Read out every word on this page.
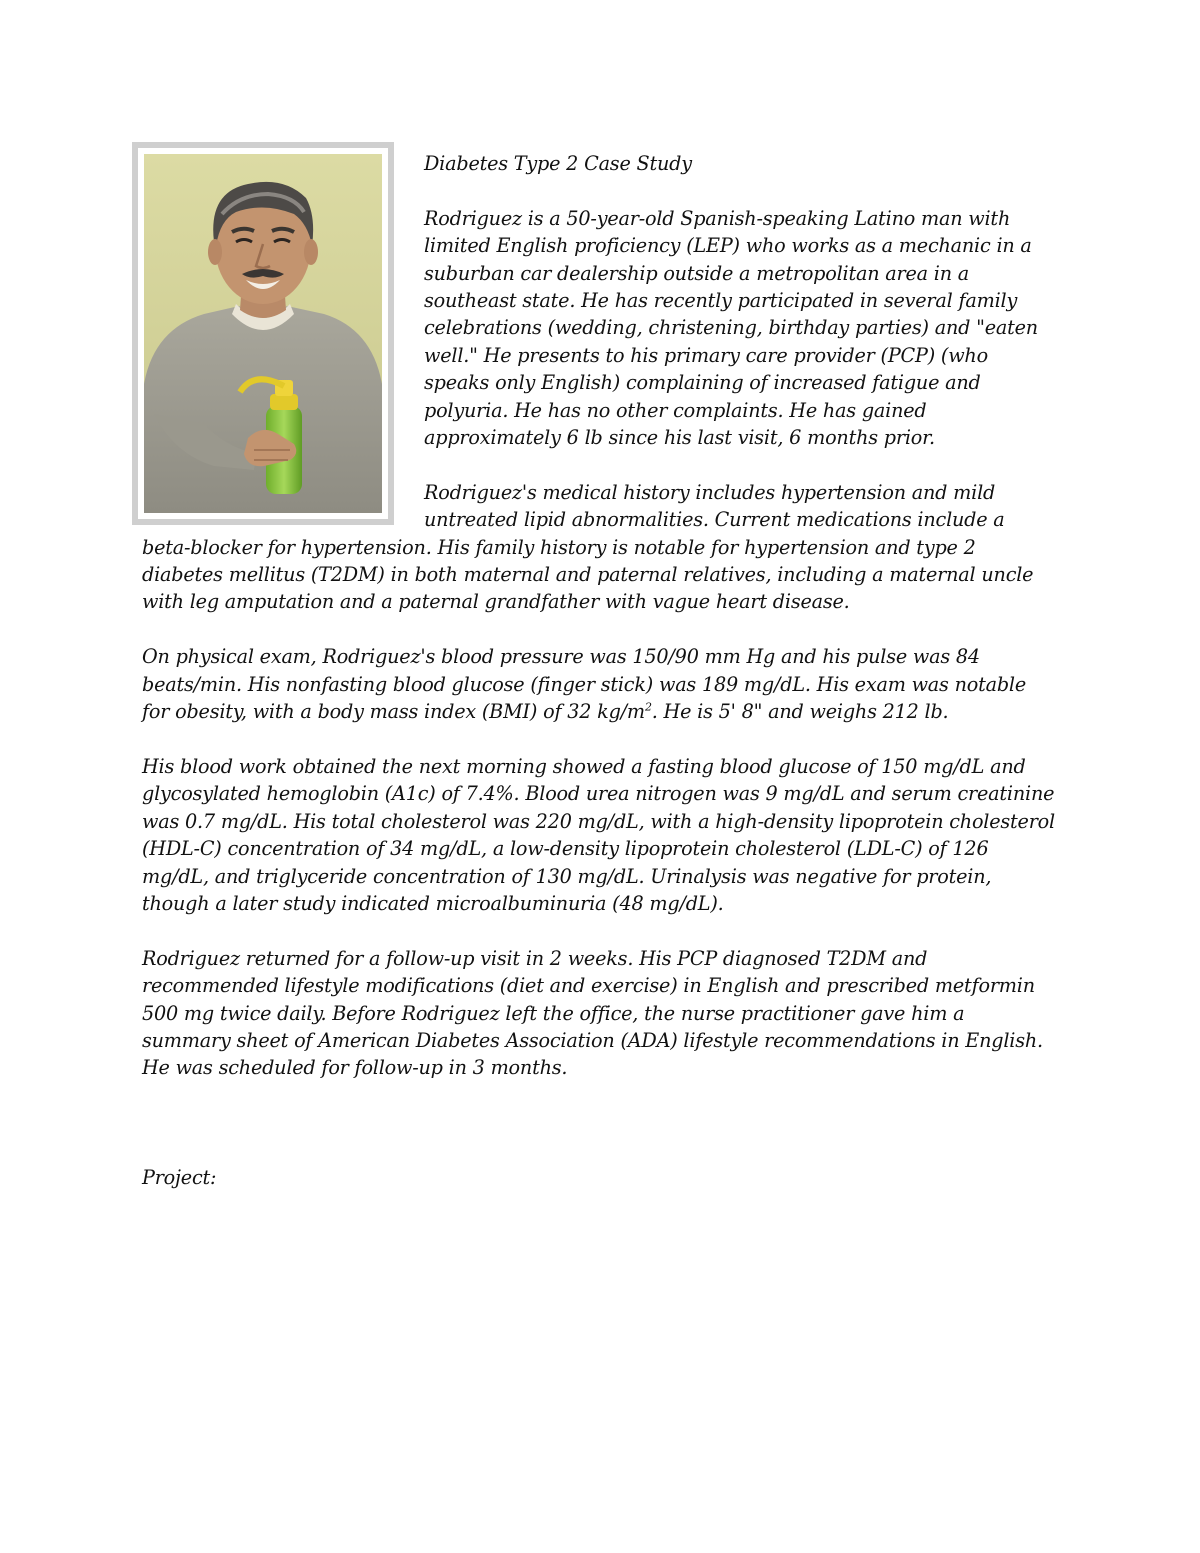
Diabetes Type 2 Case Study

Rodriguez is a 50-year-old Spanish-speaking Latino man with limited English proficiency (LEP) who works as a mechanic in a suburban car dealership outside a metropolitan area in a southeast state. He has recently participated in several family celebrations (wedding, christening, birthday parties) and "eaten well." He presents to his primary care provider (PCP) (who speaks only English) complaining of increased fatigue and polyuria. He has no other complaints. He has gained approximately 6 lb since his last visit, 6 months prior.

Rodriguez's medical history includes hypertension and mild untreated lipid abnormalities. Current medications include a beta-blocker for hypertension. His family history is notable for hypertension and type 2 diabetes mellitus (T2DM) in both maternal and paternal relatives, including a maternal uncle with leg amputation and a paternal grandfather with vague heart disease.

On physical exam, Rodriguez's blood pressure was 150/90 mm Hg and his pulse was 84 beats/min. His nonfasting blood glucose (finger stick) was 189 mg/dL. His exam was notable for obesity, with a body mass index (BMI) of 32 $kg/m^2$. He is 5' 8" and weighs 212 lb.

His blood work obtained the next morning showed a fasting blood glucose of 150 mg/dL and glycosylated hemoglobin (A1c) of 7.4%. Blood urea nitrogen was 9 mg/dL and serum creatinine was 0.7 mg/dL. His total cholesterol was 220 mg/dL, with a high-density lipoprotein cholesterol (HDL-C) concentration of 34 mg/dL, a low-density lipoprotein cholesterol (LDL-C) of 126 mg/dL, and triglyceride concentration of 130 mg/dL. Urinalysis was negative for protein, though a later study indicated microalbuminuria (48 mg/dL).

Rodriguez returned for a follow-up visit in 2 weeks. His PCP diagnosed T2DM and recommended lifestyle modifications (diet and exercise) in English and prescribed metformin 500 mg twice daily. Before Rodriguez left the office, the nurse practitioner gave him a summary sheet of American Diabetes Association (ADA) lifestyle recommendations in English. He was scheduled for follow-up in 3 months.

Project:
